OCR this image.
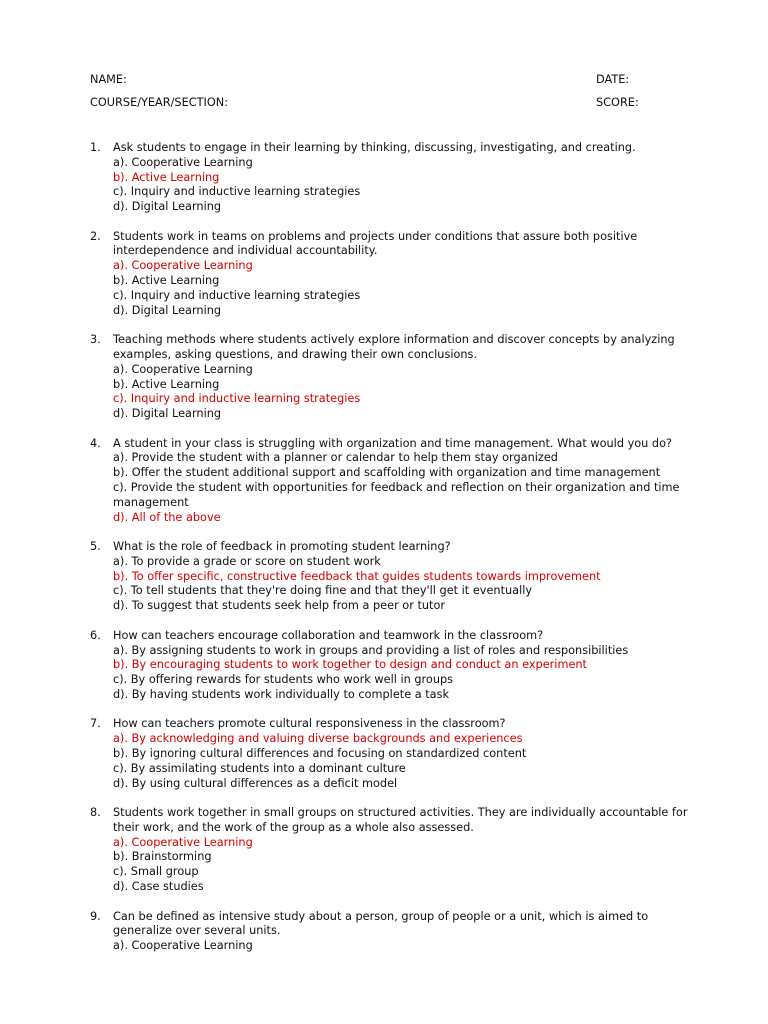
NAME:	DATE:
COURSE/YEAR/SECTION:	SCORE:
1.	Ask students to engage in their learning by thinking, discussing, investigating, and creating.
a). Cooperative Learning
b). Active Learning
c). Inquiry and inductive learning strategies
d). Digital Learning
2.	Students work in teams on problems and projects under conditions that assure both positive interdependence and individual accountability.
a). Cooperative Learning
b). Active Learning
c). Inquiry and inductive learning strategies
d). Digital Learning
3.	Teaching methods where students actively explore information and discover concepts by analyzing examples, asking questions, and drawing their own conclusions.
a). Cooperative Learning
b). Active Learning
c). Inquiry and inductive learning strategies
d). Digital Learning
4.	A student in your class is struggling with organization and time management. What would you do?
a). Provide the student with a planner or calendar to help them stay organized
b). Offer the student additional support and scaffolding with organization and time management
c). Provide the student with opportunities for feedback and reflection on their organization and time management
d). All of the above
5.	What is the role of feedback in promoting student learning?
a). To provide a grade or score on student work
b). To offer specific, constructive feedback that guides students towards improvement
c). To tell students that they're doing fine and that they'll get it eventually
d). To suggest that students seek help from a peer or tutor
6.	How can teachers encourage collaboration and teamwork in the classroom?
a). By assigning students to work in groups and providing a list of roles and responsibilities
b). By encouraging students to work together to design and conduct an experiment
c). By offering rewards for students who work well in groups
d). By having students work individually to complete a task
7.	How can teachers promote cultural responsiveness in the classroom?
a). By acknowledging and valuing diverse backgrounds and experiences
b). By ignoring cultural differences and focusing on standardized content
c). By assimilating students into a dominant culture
d). By using cultural differences as a deficit model
8.	Students work together in small groups on structured activities. They are individually accountable for their work, and the work of the group as a whole also assessed.
a). Cooperative Learning
b). Brainstorming
c). Small group
d). Case studies
9.	Can be defined as intensive study about a person, group of people or a unit, which is aimed to generalize over several units.
a). Cooperative Learning
